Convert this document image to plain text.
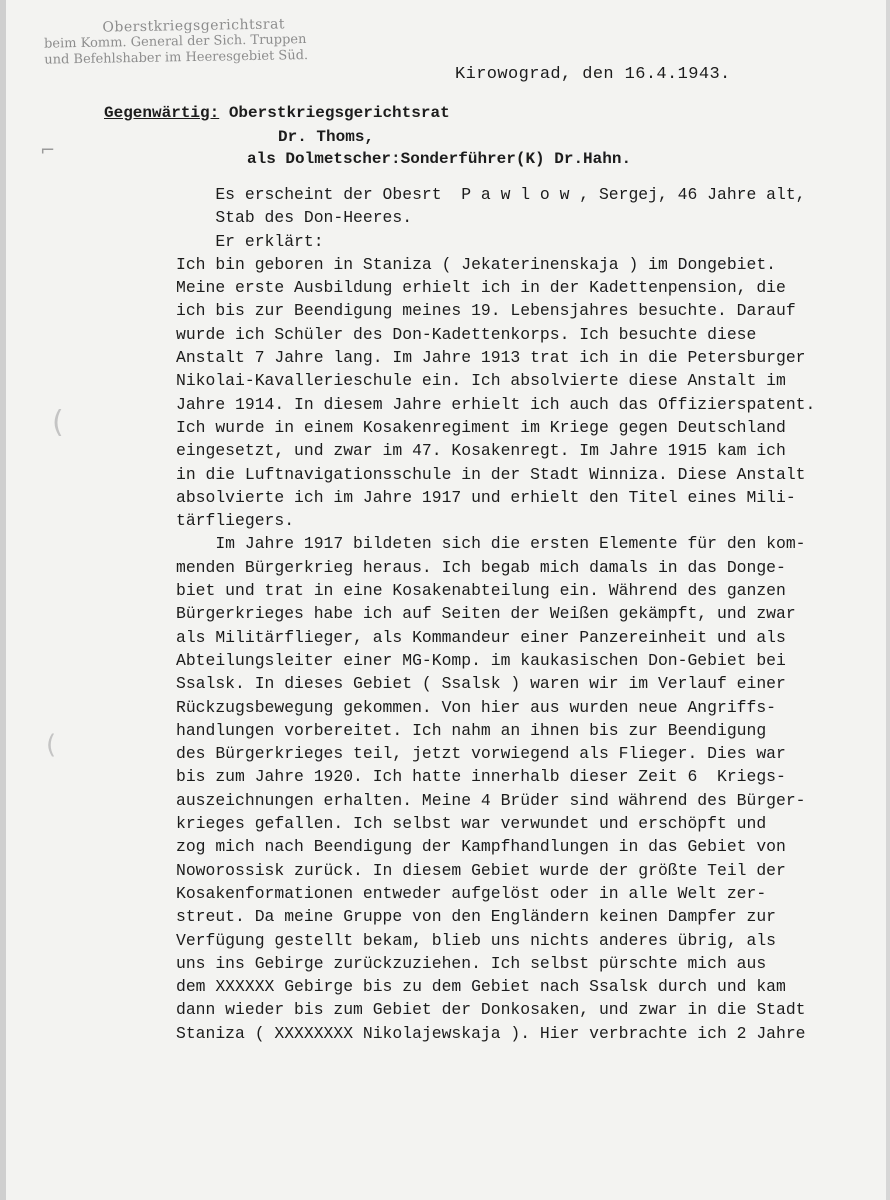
Oberstkriegsgerichtsrat
beim Komm. General der Sich. Truppen
und Befehlshaber im Heeresgebiet Süd.
Kirowograd, den 16.4.1943.
Gegenwärtig: Oberstkriegsgerichtsrat
Dr. Thoms,
als Dolmetscher:Sonderführer(K) Dr.Hahn.
⌐
(
(
Es erscheint der Obesrt  P a w l o w , Sergej, 46 Jahre alt,
Stab des Don-Heeres.
Er erklärt:
Ich bin geboren in Staniza ( Jekaterinenskaja ) im Dongebiet.
Meine erste Ausbildung erhielt ich in der Kadettenpension, die
ich bis zur Beendigung meines 19. Lebensjahres besuchte. Darauf
wurde ich Schüler des Don-Kadettenkorps. Ich besuchte diese
Anstalt 7 Jahre lang. Im Jahre 1913 trat ich in die Petersburger
Nikolai-Kavallerieschule ein. Ich absolvierte diese Anstalt im
Jahre 1914. In diesem Jahre erhielt ich auch das Offizierspatent.
Ich wurde in einem Kosakenregiment im Kriege gegen Deutschland
eingesetzt, und zwar im 47. Kosakenregt. Im Jahre 1915 kam ich
in die Luftnavigationsschule in der Stadt Winniza. Diese Anstalt
absolvierte ich im Jahre 1917 und erhielt den Titel eines Mili-
tärfliegers.
Im Jahre 1917 bildeten sich die ersten Elemente für den kom-
menden Bürgerkrieg heraus. Ich begab mich damals in das Donge-
biet und trat in eine Kosakenabteilung ein. Während des ganzen
Bürgerkrieges habe ich auf Seiten der Weißen gekämpft, und zwar
als Militärflieger, als Kommandeur einer Panzereinheit und als
Abteilungsleiter einer MG-Komp. im kaukasischen Don-Gebiet bei
Ssalsk. In dieses Gebiet ( Ssalsk ) waren wir im Verlauf einer
Rückzugsbewegung gekommen. Von hier aus wurden neue Angriffs-
handlungen vorbereitet. Ich nahm an ihnen bis zur Beendigung
des Bürgerkrieges teil, jetzt vorwiegend als Flieger. Dies war
bis zum Jahre 1920. Ich hatte innerhalb dieser Zeit 6  Kriegs-
auszeichnungen erhalten. Meine 4 Brüder sind während des Bürger-
krieges gefallen. Ich selbst war verwundet und erschöpft und
zog mich nach Beendigung der Kampfhandlungen in das Gebiet von
Noworossisk zurück. In diesem Gebiet wurde der größte Teil der
Kosakenformationen entweder aufgelöst oder in alle Welt zer-
streut. Da meine Gruppe von den Engländern keinen Dampfer zur
Verfügung gestellt bekam, blieb uns nichts anderes übrig, als
uns ins Gebirge zurückzuziehen. Ich selbst pürschte mich aus
dem XXXXXX Gebirge bis zu dem Gebiet nach Ssalsk durch und kam
dann wieder bis zum Gebiet der Donkosaken, und zwar in die Stadt
Staniza ( XXXXXXXX Nikolajewskaja ). Hier verbrachte ich 2 Jahre
